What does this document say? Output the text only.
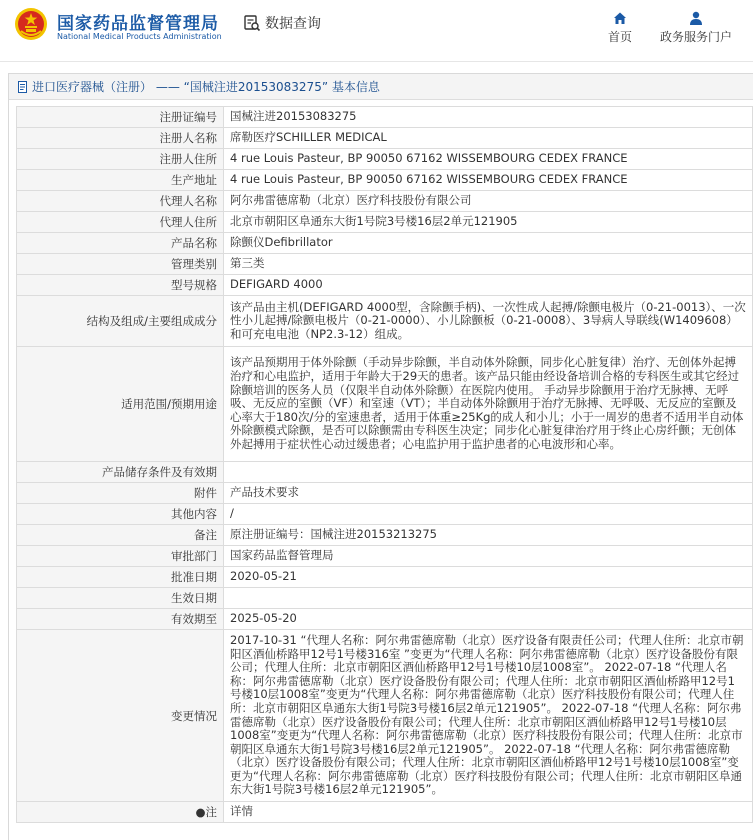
国家药品监督管理局
National Medical Products Administration
数据查询
首页	政务服务门户
进口医疗器械（注册） —— “国械注进20153083275” 基本信息
注册证编号	国械注进20153083275
注册人名称	席勒医疗SCHILLER MEDICAL
注册人住所	4 rue Louis Pasteur, BP 90050 67162 WISSEMBOURG CEDEX FRANCE
生产地址	4 rue Louis Pasteur, BP 90050 67162 WISSEMBOURG CEDEX FRANCE
代理人名称	阿尔弗雷德席勒（北京）医疗科技股份有限公司
代理人住所	北京市朝阳区阜通东大街1号院3号楼16层2单元121905
产品名称	除颤仪Defibrillator
管理类别	第三类
型号规格	DEFIGARD 4000
结构及组成/主要组成成分	该产品由主机(DEFIGARD 4000型，含除颤手柄)、一次性成人起搏/除颤电极片（0-21-0013）、一次性小儿起搏/除颤电极片（0-21-0000）、小儿除颤板（0-21-0008）、3导病人导联线(W1409608）和可充电电池（NP2.3-12）组成。
适用范围/预期用途	该产品预期用于体外除颤（手动异步除颤，半自动体外除颤，同步化心脏复律）治疗、无创体外起搏治疗和心电监护，适用于年龄大于29天的患者。该产品只能由经设备培训合格的专科医生或其它经过除颤培训的医务人员（仅限半自动体外除颤）在医院内使用。 手动异步除颤用于治疗无脉搏、无呼吸、无反应的室颤（VF）和室速（VT）；半自动体外除颤用于治疗无脉搏、无呼吸、无反应的室颤及心率大于180次/分的室速患者，适用于体重≥25Kg的成人和小儿；小于一周岁的患者不适用半自动体外除颤模式除颤，是否可以除颤需由专科医生决定；同步化心脏复律治疗用于终止心房纤颤；无创体外起搏用于症状性心动过缓患者；心电监护用于监护患者的心电波形和心率。
产品储存条件及有效期	
附件	产品技术要求
其他内容	/
备注	原注册证编号：国械注进20153213275
审批部门	国家药品监督管理局
批准日期	2020-05-21
生效日期	
有效期至	2025-05-20
变更情况	2017-10-31 “代理人名称：阿尔弗雷德席勒（北京）医疗设备有限责任公司；代理人住所：北京市朝阳区酒仙桥路甲12号1号楼316室 ”变更为“代理人名称：阿尔弗雷德席勒（北京）医疗设备股份有限公司；代理人住所：北京市朝阳区酒仙桥路甲12号1号楼10层1008室”。 2022-07-18 “代理人名称：阿尔弗雷德席勒（北京）医疗设备股份有限公司；代理人住所：北京市朝阳区酒仙桥路甲12号1号楼10层1008室”变更为“代理人名称：阿尔弗雷德席勒（北京）医疗科技股份有限公司；代理人住所：北京市朝阳区阜通东大街1号院3号楼16层2单元121905”。 2022-07-18 “代理人名称：阿尔弗雷德席勒（北京）医疗设备股份有限公司；代理人住所：北京市朝阳区酒仙桥路甲12号1号楼10层1008室”变更为“代理人名称：阿尔弗雷德席勒（北京）医疗科技股份有限公司；代理人住所：北京市朝阳区阜通东大街1号院3号楼16层2单元121905”。 2022-07-18 “代理人名称：阿尔弗雷德席勒（北京）医疗设备股份有限公司；代理人住所：北京市朝阳区酒仙桥路甲12号1号楼10层1008室”变更为“代理人名称：阿尔弗雷德席勒（北京）医疗科技股份有限公司；代理人住所：北京市朝阳区阜通东大街1号院3号楼16层2单元121905”。
●注	详情
